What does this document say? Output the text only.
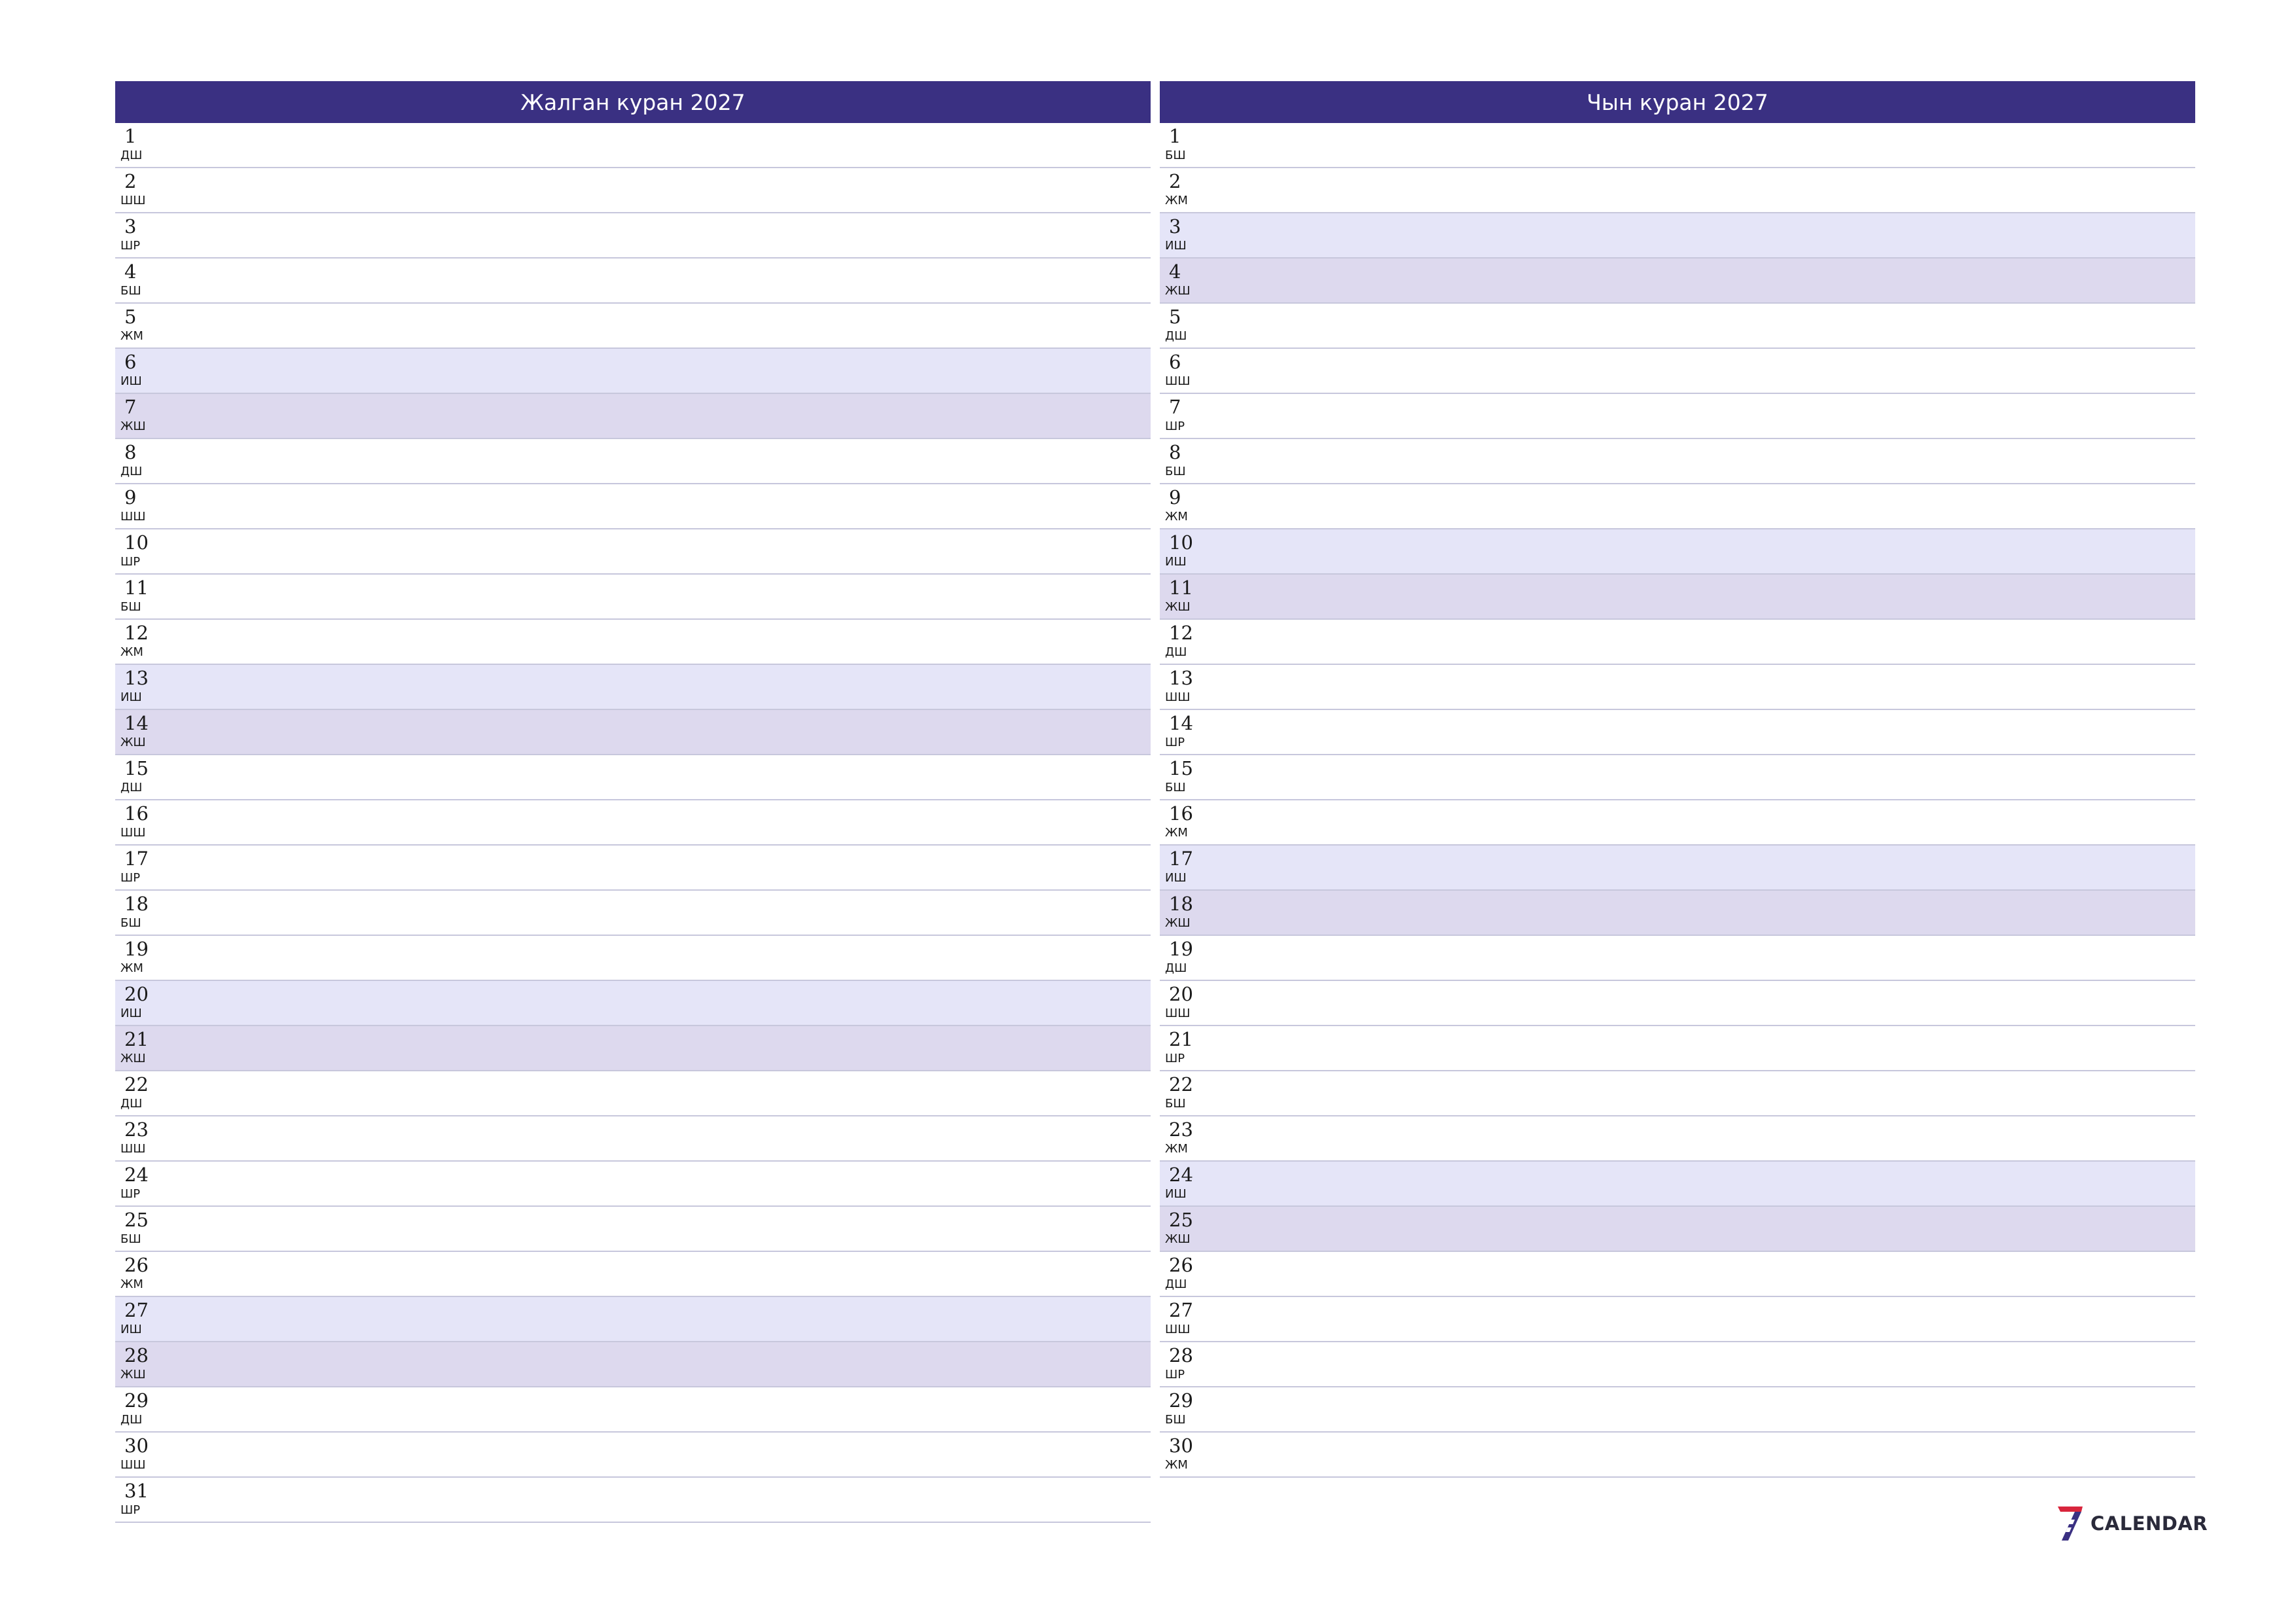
Жалган куран 2027
1
ДШ
2
ШШ
3
ШР
4
БШ
5
ЖМ
6
ИШ
7
ЖШ
8
ДШ
9
ШШ
10
ШР
11
БШ
12
ЖМ
13
ИШ
14
ЖШ
15
ДШ
16
ШШ
17
ШР
18
БШ
19
ЖМ
20
ИШ
21
ЖШ
22
ДШ
23
ШШ
24
ШР
25
БШ
26
ЖМ
27
ИШ
28
ЖШ
29
ДШ
30
ШШ
31
ШР
Чын куран 2027
1
БШ
2
ЖМ
3
ИШ
4
ЖШ
5
ДШ
6
ШШ
7
ШР
8
БШ
9
ЖМ
10
ИШ
11
ЖШ
12
ДШ
13
ШШ
14
ШР
15
БШ
16
ЖМ
17
ИШ
18
ЖШ
19
ДШ
20
ШШ
21
ШР
22
БШ
23
ЖМ
24
ИШ
25
ЖШ
26
ДШ
27
ШШ
28
ШР
29
БШ
30
ЖМ
CALENDAR
